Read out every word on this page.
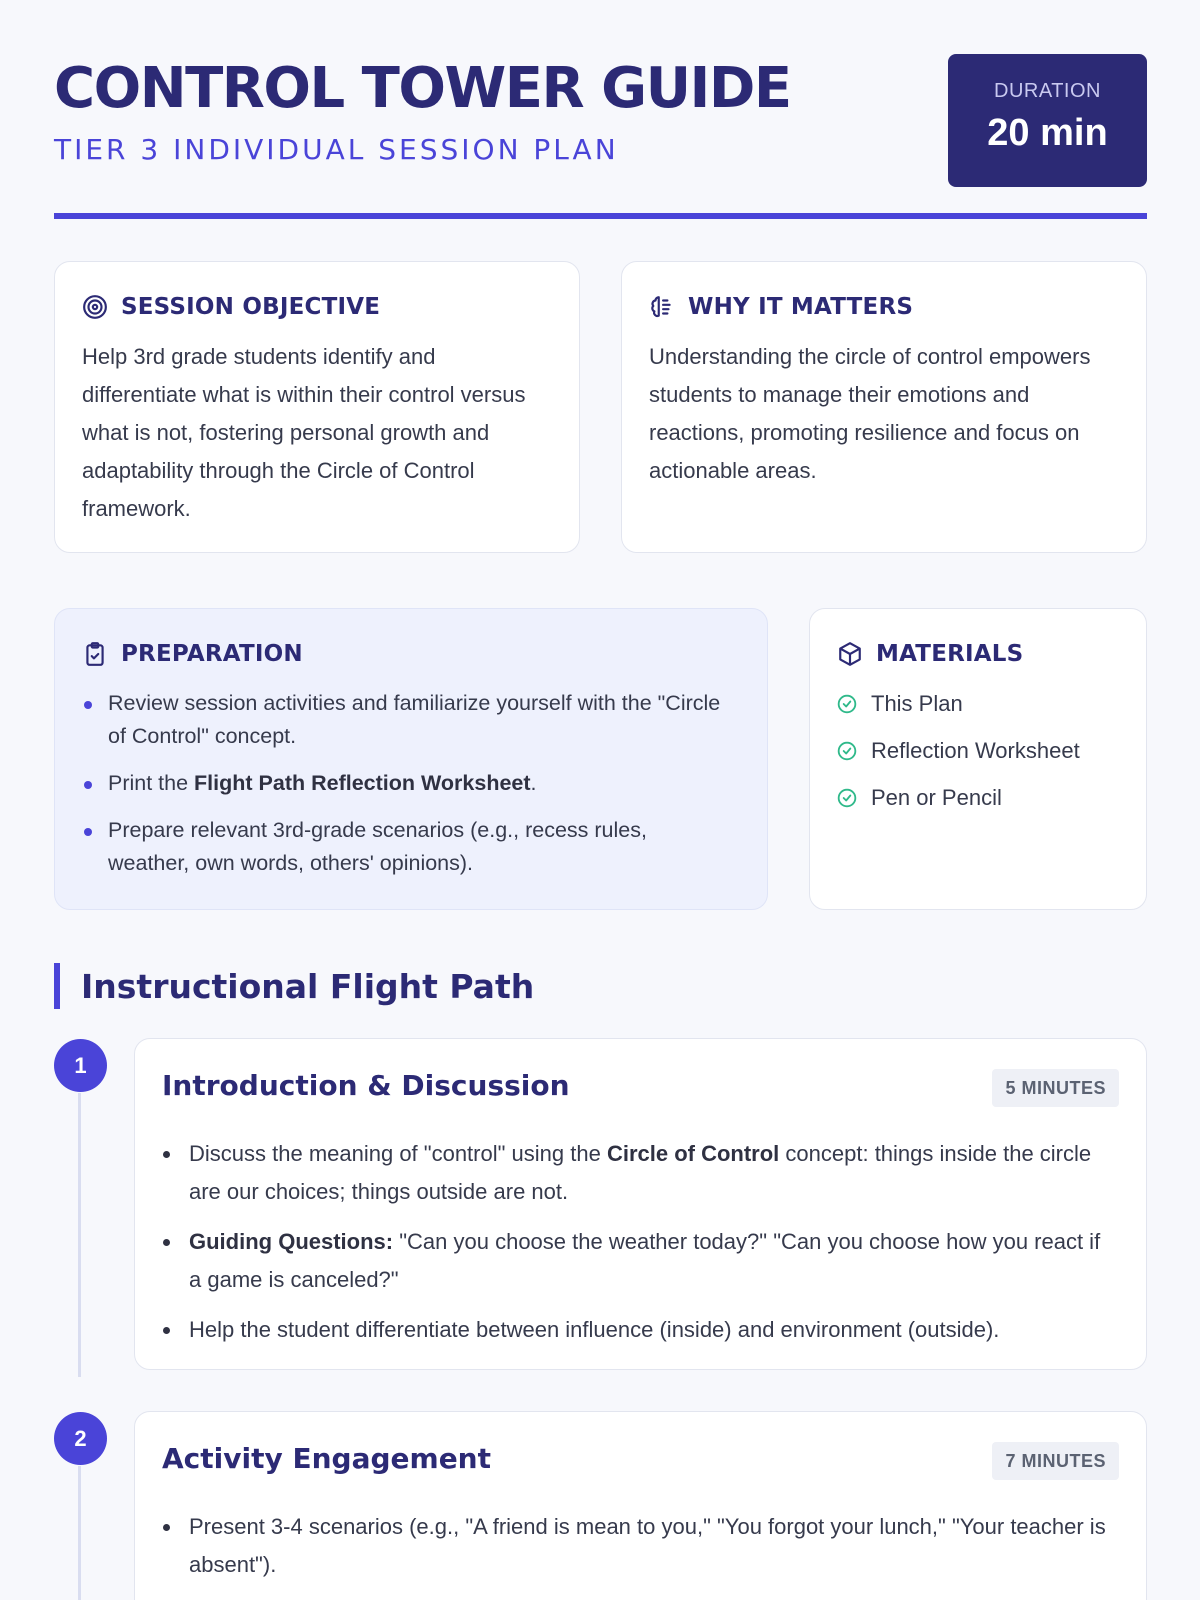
CONTROL TOWER GUIDE
TIER 3 INDIVIDUAL SESSION PLAN
DURATION
20 min
SESSION OBJECTIVE
Help 3rd grade students identify and differentiate what is within their control versus what is not, fostering personal growth and adaptability through the Circle of Control framework.
WHY IT MATTERS
Understanding the circle of control empowers students to manage their emotions and reactions, promoting resilience and focus on actionable areas.
PREPARATION
Review session activities and familiarize yourself with the "Circle of Control" concept.
Print the Flight Path Reflection Worksheet.
Prepare relevant 3rd-grade scenarios (e.g., recess rules, weather, own words, others' opinions).
MATERIALS
This Plan
Reflection Worksheet
Pen or Pencil
Instructional Flight Path
1
Introduction & Discussion	5 MINUTES
Discuss the meaning of "control" using the Circle of Control concept: things inside the circle are our choices; things outside are not.
Guiding Questions: "Can you choose the weather today?" "Can you choose how you react if a game is canceled?"
Help the student differentiate between influence (inside) and environment (outside).
2
Activity Engagement	7 MINUTES
Present 3-4 scenarios (e.g., "A friend is mean to you," "You forgot your lunch," "Your teacher is absent").
